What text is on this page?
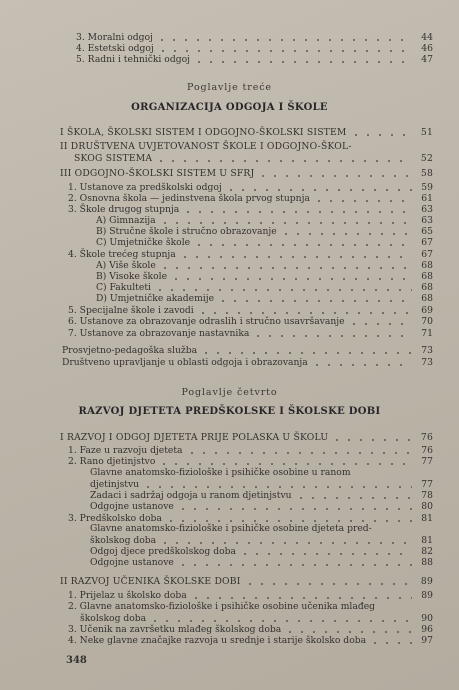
3. Moralni odgoj	44
4. Estetski odgoj	46
5. Radni i tehnički odgoj	47
Poglavlje treće
ORGANIZACIJA ODGOJA I ŠKOLE
I ŠKOLA, ŠKOLSKI SISTEM I ODGOJNO-ŠKOLSKI SISTEM	51
II DRUŠTVENA UVJETOVANOST ŠKOLE I ODGOJNO-ŠKOL-
SKOG SISTEMA	52
III ODGOJNO-ŠKOLSKI SISTEM U SFRJ	58
1. Ustanove za predškolski odgoj	59
2. Osnovna škola — jedinstvena škola prvog stupnja	61
3. Škole drugog stupnja	63
A) Gimnazija	63
B) Stručne škole i stručno obrazovanje	65
C) Umjetničke škole	67
4. Škole trećeg stupnja	67
A) Više škole	68
B) Visoke škole	68
C) Fakulteti	68
D) Umjetničke akademije	68
5. Specijalne škole i zavodi	69
6. Ustanove za obrazovanje odraslih i stručno usavršavanje	70
7. Ustanove za obrazovanje nastavnika	71
Prosvjetno-pedagoška služba	73
Društveno upravljanje u oblasti odgoja i obrazovanja	73
Poglavlje četvrto
RAZVOJ DJETETA PREDŠKOLSKE I ŠKOLSKE DOBI
I RAZVOJ I ODGOJ DJETETA PRIJE POLASKA U ŠKOLU	76
1. Faze u razvoju djeteta	76
2. Rano djetinjstvo	77
Glavne anatomsko-fiziološke i psihičke osobine u ranom
djetinjstvu	77
Zadaci i sadržaj odgoja u ranom djetinjstvu	78
Odgojne ustanove	80
3. Predškolsko doba	81
Glavne anatomsko-fiziološke i psihičke osobine djeteta pred-
školskog doba	81
Odgoj djece predškolskog doba	82
Odgojne ustanove	88
II RAZVOJ UČENIKA ŠKOLSKE DOBI	89
1. Prijelaz u školsko doba	89
2. Glavne anatomsko-fiziološke i psihičke osobine učenika mlađeg
školskog doba	90
3. Učenik na završetku mlađeg školskog doba	96
4. Neke glavne značajke razvoja u srednje i starije školsko doba	97
348
